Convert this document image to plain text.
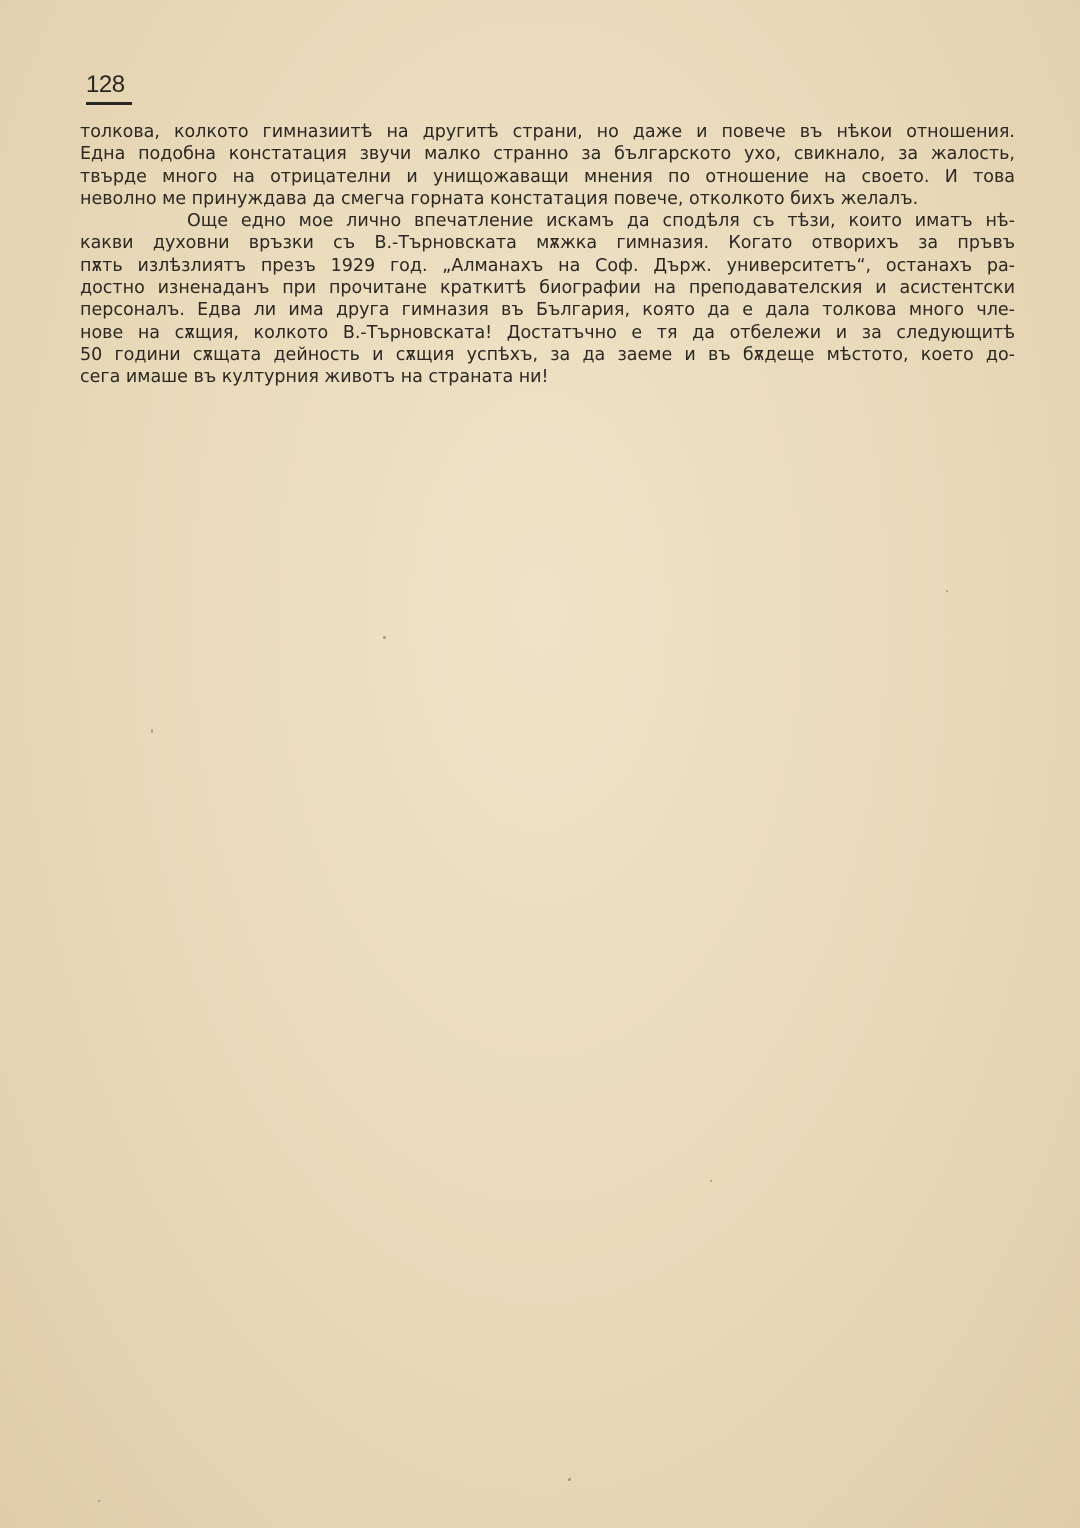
128
толкова, колкото гимназиитѣ на другитѣ страни, но даже и повече въ нѣкои отношения.
Една подобна констатация звучи малко странно за българското ухо, свикнало, за жалость,
твърде много на отрицателни и унищожаващи мнения по отношение на своето. И това
неволно ме принуждава да смегча горната констатация повече, отколкото бихъ желалъ.
Още едно мое лично впечатление искамъ да сподѣля съ тѣзи, които иматъ нѣ-
какви духовни връзки съ В.-Търновската мѫжка гимназия. Когато отворихъ за пръвъ
пѫть излѣзлиятъ презъ 1929 год. „Алманахъ на Соф. Държ. университетъ“, останахъ ра-
достно изненаданъ при прочитане краткитѣ биографии на преподавателския и асистентски
персоналъ. Едва ли има друга гимназия въ България, която да е дала толкова много чле-
нове на сѫщия, колкото В.-Търновската! Достатъчно е тя да отбележи и за следующитѣ
50 години сѫщата дейность и сѫщия успѣхъ, за да заеме и въ бѫдеще мѣстото, което до-
сега имаше въ културния животъ на страната ни!
